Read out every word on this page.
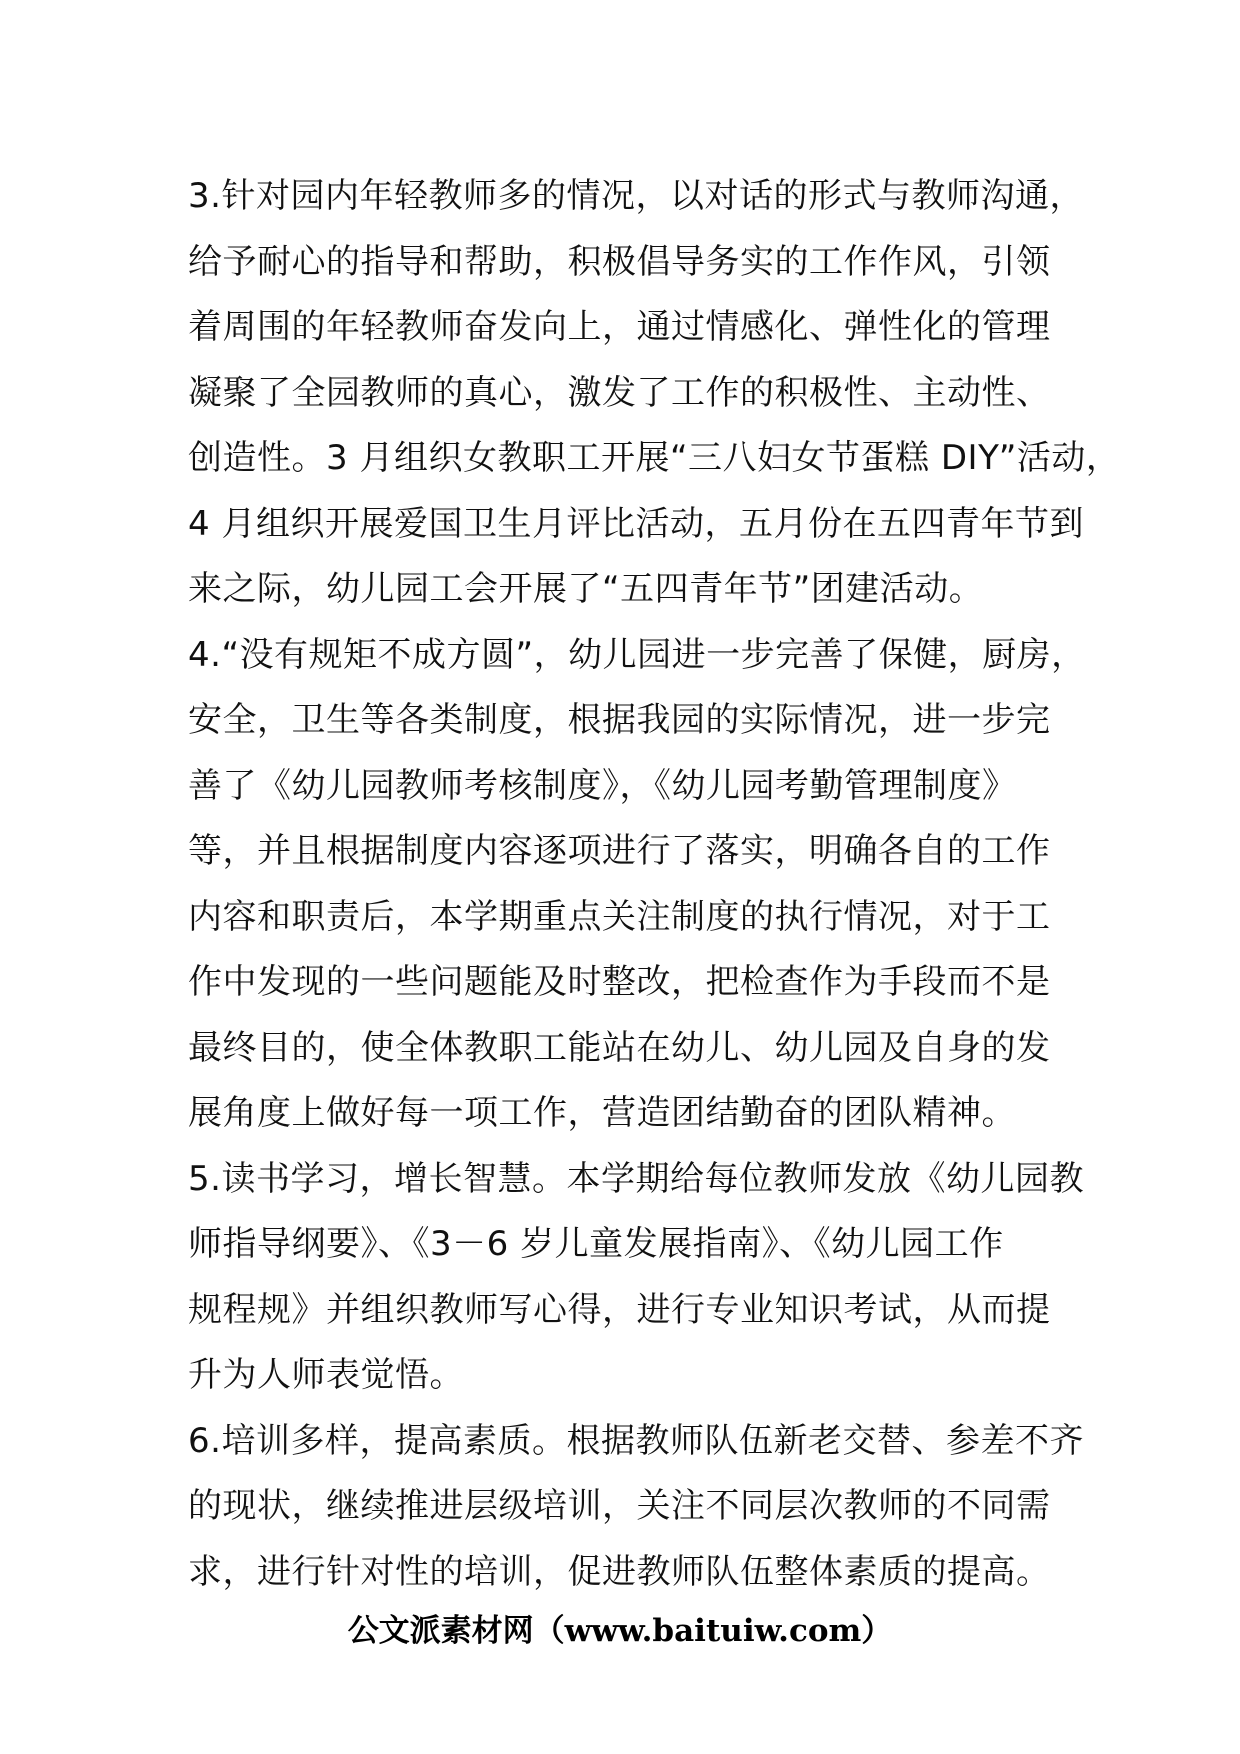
3.针对园内年轻教师多的情况，以对话的形式与教师沟通，
给予耐心的指导和帮助，积极倡导务实的工作作风，引领
着周围的年轻教师奋发向上，通过情感化、弹性化的管理
凝聚了全园教师的真心，激发了工作的积极性、主动性、
创造性。3 月组织女教职工开展“三八妇女节蛋糕 DIY”活动，
4 月组织开展爱国卫生月评比活动，五月份在五四青年节到
来之际，幼儿园工会开展了“五四青年节”团建活动。
4.“没有规矩不成方圆”，幼儿园进一步完善了保健，厨房，
安全，卫生等各类制度，根据我园的实际情况，进一步完
善了《幼儿园教师考核制度》，《幼儿园考勤管理制度》
等，并且根据制度内容逐项进行了落实，明确各自的工作
内容和职责后，本学期重点关注制度的执行情况，对于工
作中发现的一些问题能及时整改，把检查作为手段而不是
最终目的，使全体教职工能站在幼儿、幼儿园及自身的发
展角度上做好每一项工作，营造团结勤奋的团队精神。
5.读书学习，增长智慧。本学期给每位教师发放《幼儿园教
师指导纲要》、《3－6 岁儿童发展指南》、《幼儿园工作
规程规》并组织教师写心得，进行专业知识考试，从而提
升为人师表觉悟。
6.培训多样，提高素质。根据教师队伍新老交替、参差不齐
的现状，继续推进层级培训，关注不同层次教师的不同需
求，进行针对性的培训，促进教师队伍整体素质的提高。
公文派素材网（www.baituiw.com）
